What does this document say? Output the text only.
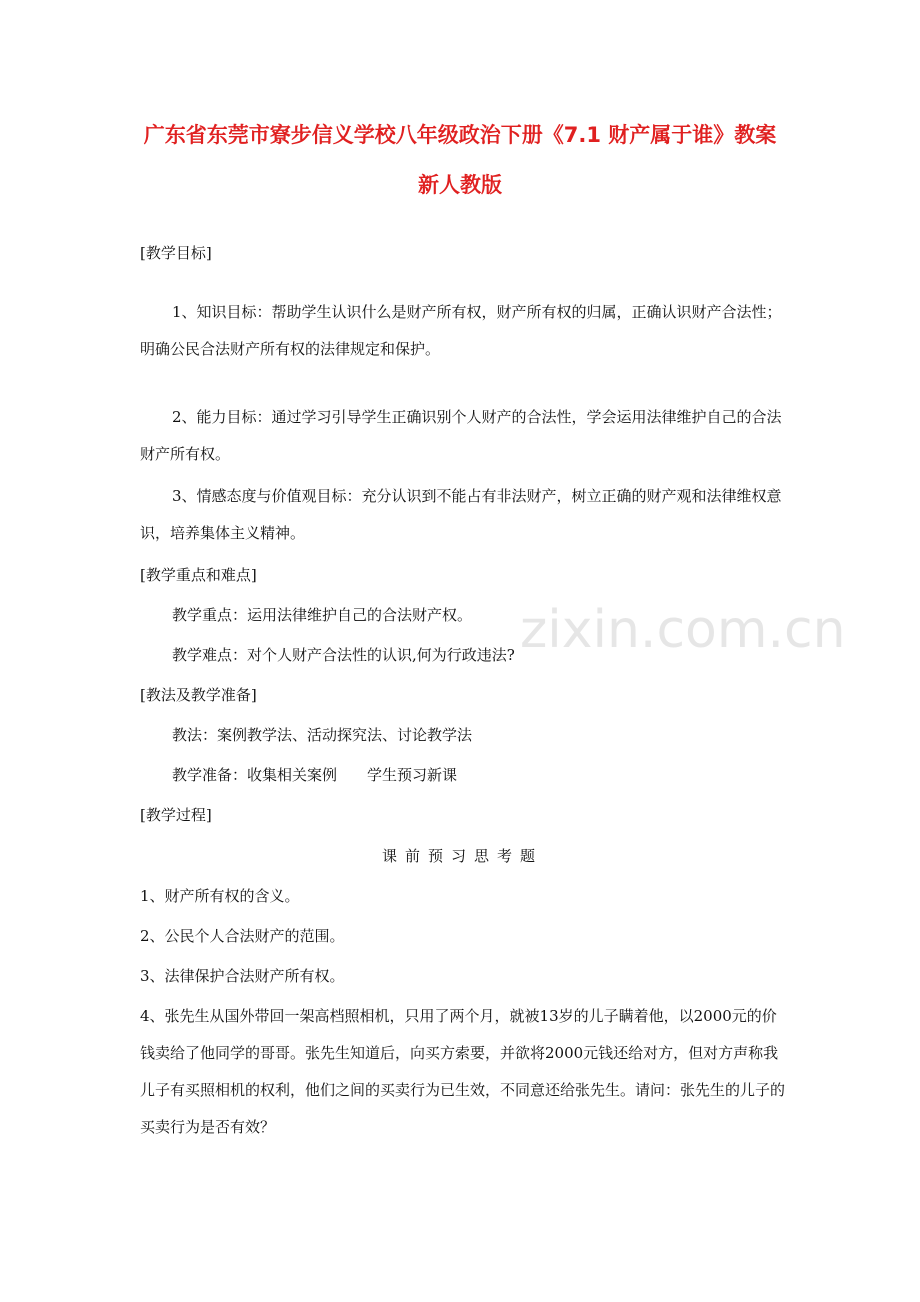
广东省东莞市寮步信义学校八年级政治下册《7.1 财产属于谁》教案
新人教版
zixin.com.cn

[教学目标]

1、知识目标：帮助学生认识什么是财产所有权，财产所有权的归属，正确认识财产合法性；明确公民合法财产所有权的法律规定和保护。

2、能力目标：通过学习引导学生正确识别个人财产的合法性，学会运用法律维护自己的合法财产所有权。

3、情感态度与价值观目标：充分认识到不能占有非法财产，树立正确的财产观和法律维权意识，培养集体主义精神。

[教学重点和难点]

教学重点：运用法律维护自己的合法财产权。

教学难点：对个人财产合法性的认识,何为行政违法?

[教法及教学准备]

教法：案例教学法、活动探究法、讨论教学法

教学准备：收集相关案例　　学生预习新课

[教学过程]

课前预习思考题

1、财产所有权的含义。

2、公民个人合法财产的范围。

3、法律保护合法财产所有权。

4、张先生从国外带回一架高档照相机，只用了两个月，就被13岁的儿子瞒着他，以2000元的价钱卖给了他同学的哥哥。张先生知道后，向买方索要，并欲将2000元钱还给对方，但对方声称我儿子有买照相机的权利，他们之间的买卖行为已生效，不同意还给张先生。请问：张先生的儿子的买卖行为是否有效？
